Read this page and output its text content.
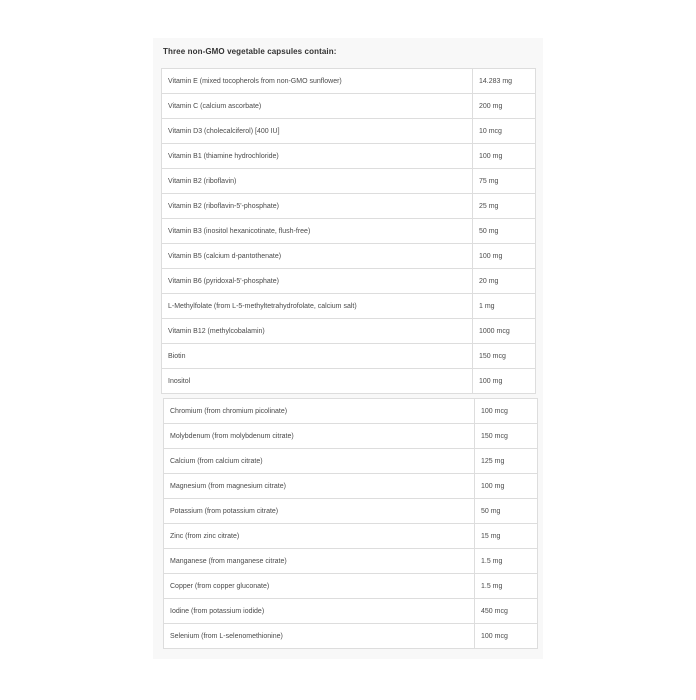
Three non-GMO vegetable capsules contain:
Vitamin E (mixed tocopherols from non-GMO sunflower)	14.283 mg
Vitamin C (calcium ascorbate)	200 mg
Vitamin D3 (cholecalciferol) [400 IU]	10 mcg
Vitamin B1 (thiamine hydrochloride)	100 mg
Vitamin B2 (riboflavin)	75 mg
Vitamin B2 (riboflavin-5'-phosphate)	25 mg
Vitamin B3 (inositol hexanicotinate, flush-free)	50 mg
Vitamin B5 (calcium d-pantothenate)	100 mg
Vitamin B6 (pyridoxal-5'-phosphate)	20 mg
L-Methylfolate (from L-5-methyltetrahydrofolate, calcium salt)	1 mg
Vitamin B12 (methylcobalamin)	1000 mcg
Biotin	150 mcg
Inositol	100 mg
Chromium (from chromium picolinate)	100 mcg
Molybdenum (from molybdenum citrate)	150 mcg
Calcium (from calcium citrate)	125 mg
Magnesium (from magnesium citrate)	100 mg
Potassium (from potassium citrate)	50 mg
Zinc (from zinc citrate)	15 mg
Manganese (from manganese citrate)	1.5 mg
Copper (from copper gluconate)	1.5 mg
Iodine (from potassium iodide)	450 mcg
Selenium (from L-selenomethionine)	100 mcg
